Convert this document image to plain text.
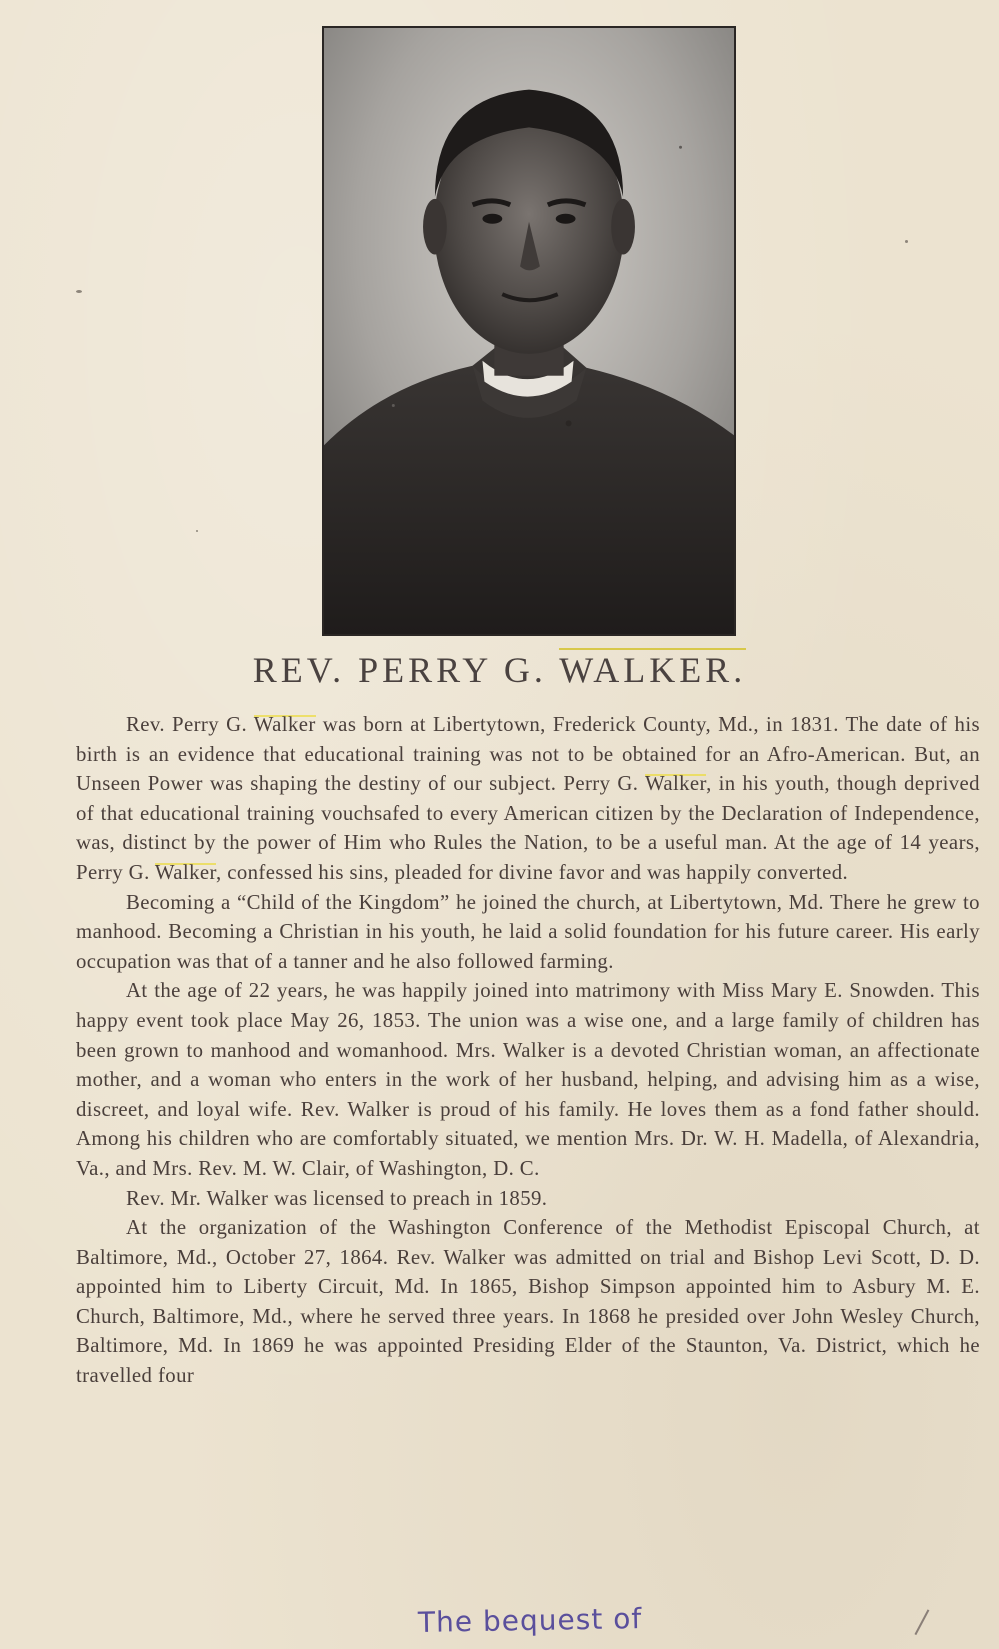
REV. PERRY G. WALKER.

Rev. Perry G. Walker was born at Libertytown, Frederick County, Md., in 1831. The date of his birth is an evidence that educational training was not to be obtained for an Afro-American. But, an Unseen Power was shaping the destiny of our subject. Perry G. Walker, in his youth, though deprived of that educational training vouchsafed to every American citizen by the Declaration of Independence, was, distinct by the power of Him who Rules the Nation, to be a useful man. At the age of 14 years, Perry G. Walker, confessed his sins, pleaded for divine favor and was happily converted.

Becoming a “Child of the Kingdom” he joined the church, at Libertytown, Md. There he grew to manhood. Becoming a Christian in his youth, he laid a solid foundation for his future career. His early occupation was that of a tanner and he also followed farming.

At the age of 22 years, he was happily joined into matrimony with Miss Mary E. Snowden. This happy event took place May 26, 1853. The union was a wise one, and a large family of children has been grown to manhood and womanhood. Mrs. Walker is a devoted Christian woman, an affectionate mother, and a woman who enters in the work of her husband, helping, and advising him as a wise, discreet, and loyal wife. Rev. Walker is proud of his family. He loves them as a fond father should. Among his children who are comfortably situated, we mention Mrs. Dr. W. H. Madella, of Alexandria, Va., and Mrs. Rev. M. W. Clair, of Washington, D. C.

Rev. Mr. Walker was licensed to preach in 1859.

At the organization of the Washington Conference of the Methodist Episcopal Church, at Baltimore, Md., October 27, 1864. Rev. Walker was admitted on trial and Bishop Levi Scott, D. D. appointed him to Liberty Circuit, Md. In 1865, Bishop Simpson appointed him to Asbury M. E. Church, Baltimore, Md., where he served three years. In 1868 he presided over John Wesley Church, Baltimore, Md. In 1869 he was appointed Presiding Elder of the Staunton, Va. District, which he travelled four

The bequest of
